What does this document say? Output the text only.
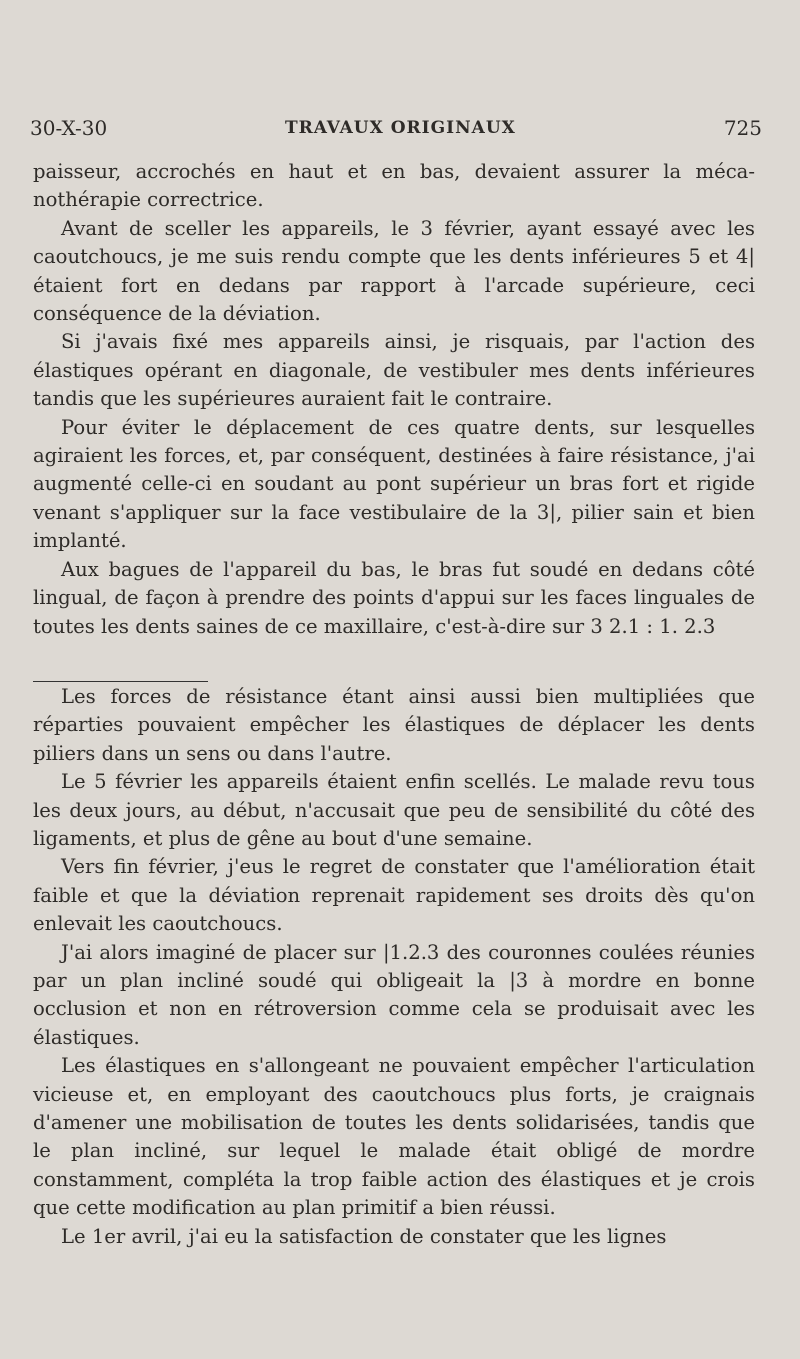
30-X-30	TRAVAUX ORIGINAUX	725

paisseur, accrochés en haut et en bas, devaient assurer la mécanothérapie correctrice.

Avant de sceller les appareils, le 3 février, ayant essayé avec les caoutchoucs, je me suis rendu compte que les dents inférieures 5 et 4| étaient fort en dedans par rapport à l'arcade supérieure, ceci conséquence de la déviation.

Si j'avais fixé mes appareils ainsi, je risquais, par l'action des élastiques opérant en diagonale, de vestibuler mes dents inférieures tandis que les supérieures auraient fait le contraire.

Pour éviter le déplacement de ces quatre dents, sur lesquelles agiraient les forces, et, par conséquent, destinées à faire résistance, j'ai augmenté celle-ci en soudant au pont supérieur un bras fort et rigide venant s'appliquer sur la face vestibulaire de la 3|, pilier sain et bien implanté.

Aux bagues de l'appareil du bas, le bras fut soudé en dedans côté lingual, de façon à prendre des points d'appui sur les faces linguales de toutes les dents saines de ce maxillaire, c'est-à-dire sur 3 2.1 : 1. 2.3

Les forces de résistance étant ainsi aussi bien multipliées que réparties pouvaient empêcher les élastiques de déplacer les dents piliers dans un sens ou dans l'autre.

Le 5 février les appareils étaient enfin scellés. Le malade revu tous les deux jours, au début, n'accusait que peu de sensibilité du côté des ligaments, et plus de gêne au bout d'une semaine.

Vers fin février, j'eus le regret de constater que l'amélioration était faible et que la déviation reprenait rapidement ses droits dès qu'on enlevait les caoutchoucs.

J'ai alors imaginé de placer sur |1.2.3 des couronnes coulées réunies par un plan incliné soudé qui obligeait la |3 à mordre en bonne occlusion et non en rétroversion comme cela se produisait avec les élastiques.

Les élastiques en s'allongeant ne pouvaient empêcher l'articulation vicieuse et, en employant des caoutchoucs plus forts, je craignais d'amener une mobilisation de toutes les dents solidarisées, tandis que le plan incliné, sur lequel le malade était obligé de mordre constamment, compléta la trop faible action des élastiques et je crois que cette modification au plan primitif a bien réussi.

Le 1er avril, j'ai eu la satisfaction de constater que les lignes
